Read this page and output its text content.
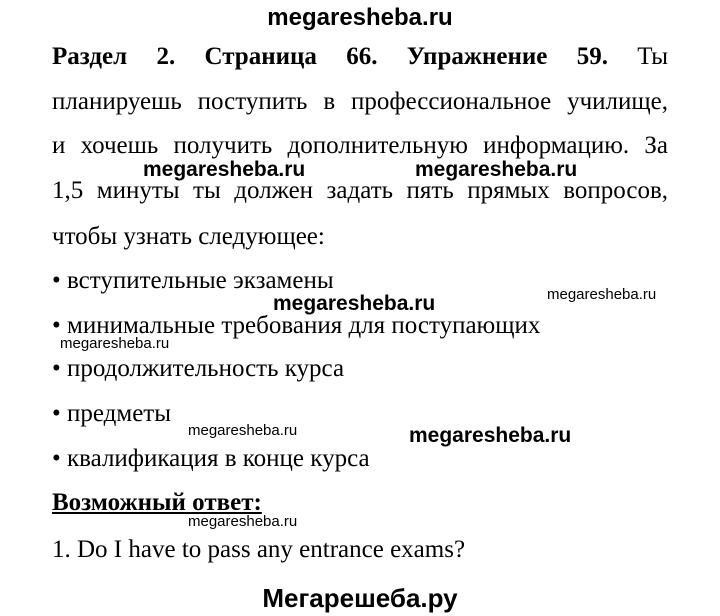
megaresheba.ru
Раздел 2. Страница 66. Упражнение 59. Ты
планируешь поступить в профессиональное училище,
и хочешь получить дополнительную информацию. За
megaresheba.ru	megaresheba.ru
1,5 минуты ты должен задать пять прямых вопросов,
чтобы узнать следующее:
• вступительные экзамены
megaresheba.ru
megaresheba.ru
• минимальные требования для поступающих
megaresheba.ru
• продолжительность курса
• предметы
megaresheba.ru	megaresheba.ru
• квалификация в конце курса
Возможный ответ:
megaresheba.ru
1. Do I have to pass any entrance exams?
Мегарешеба.ру
